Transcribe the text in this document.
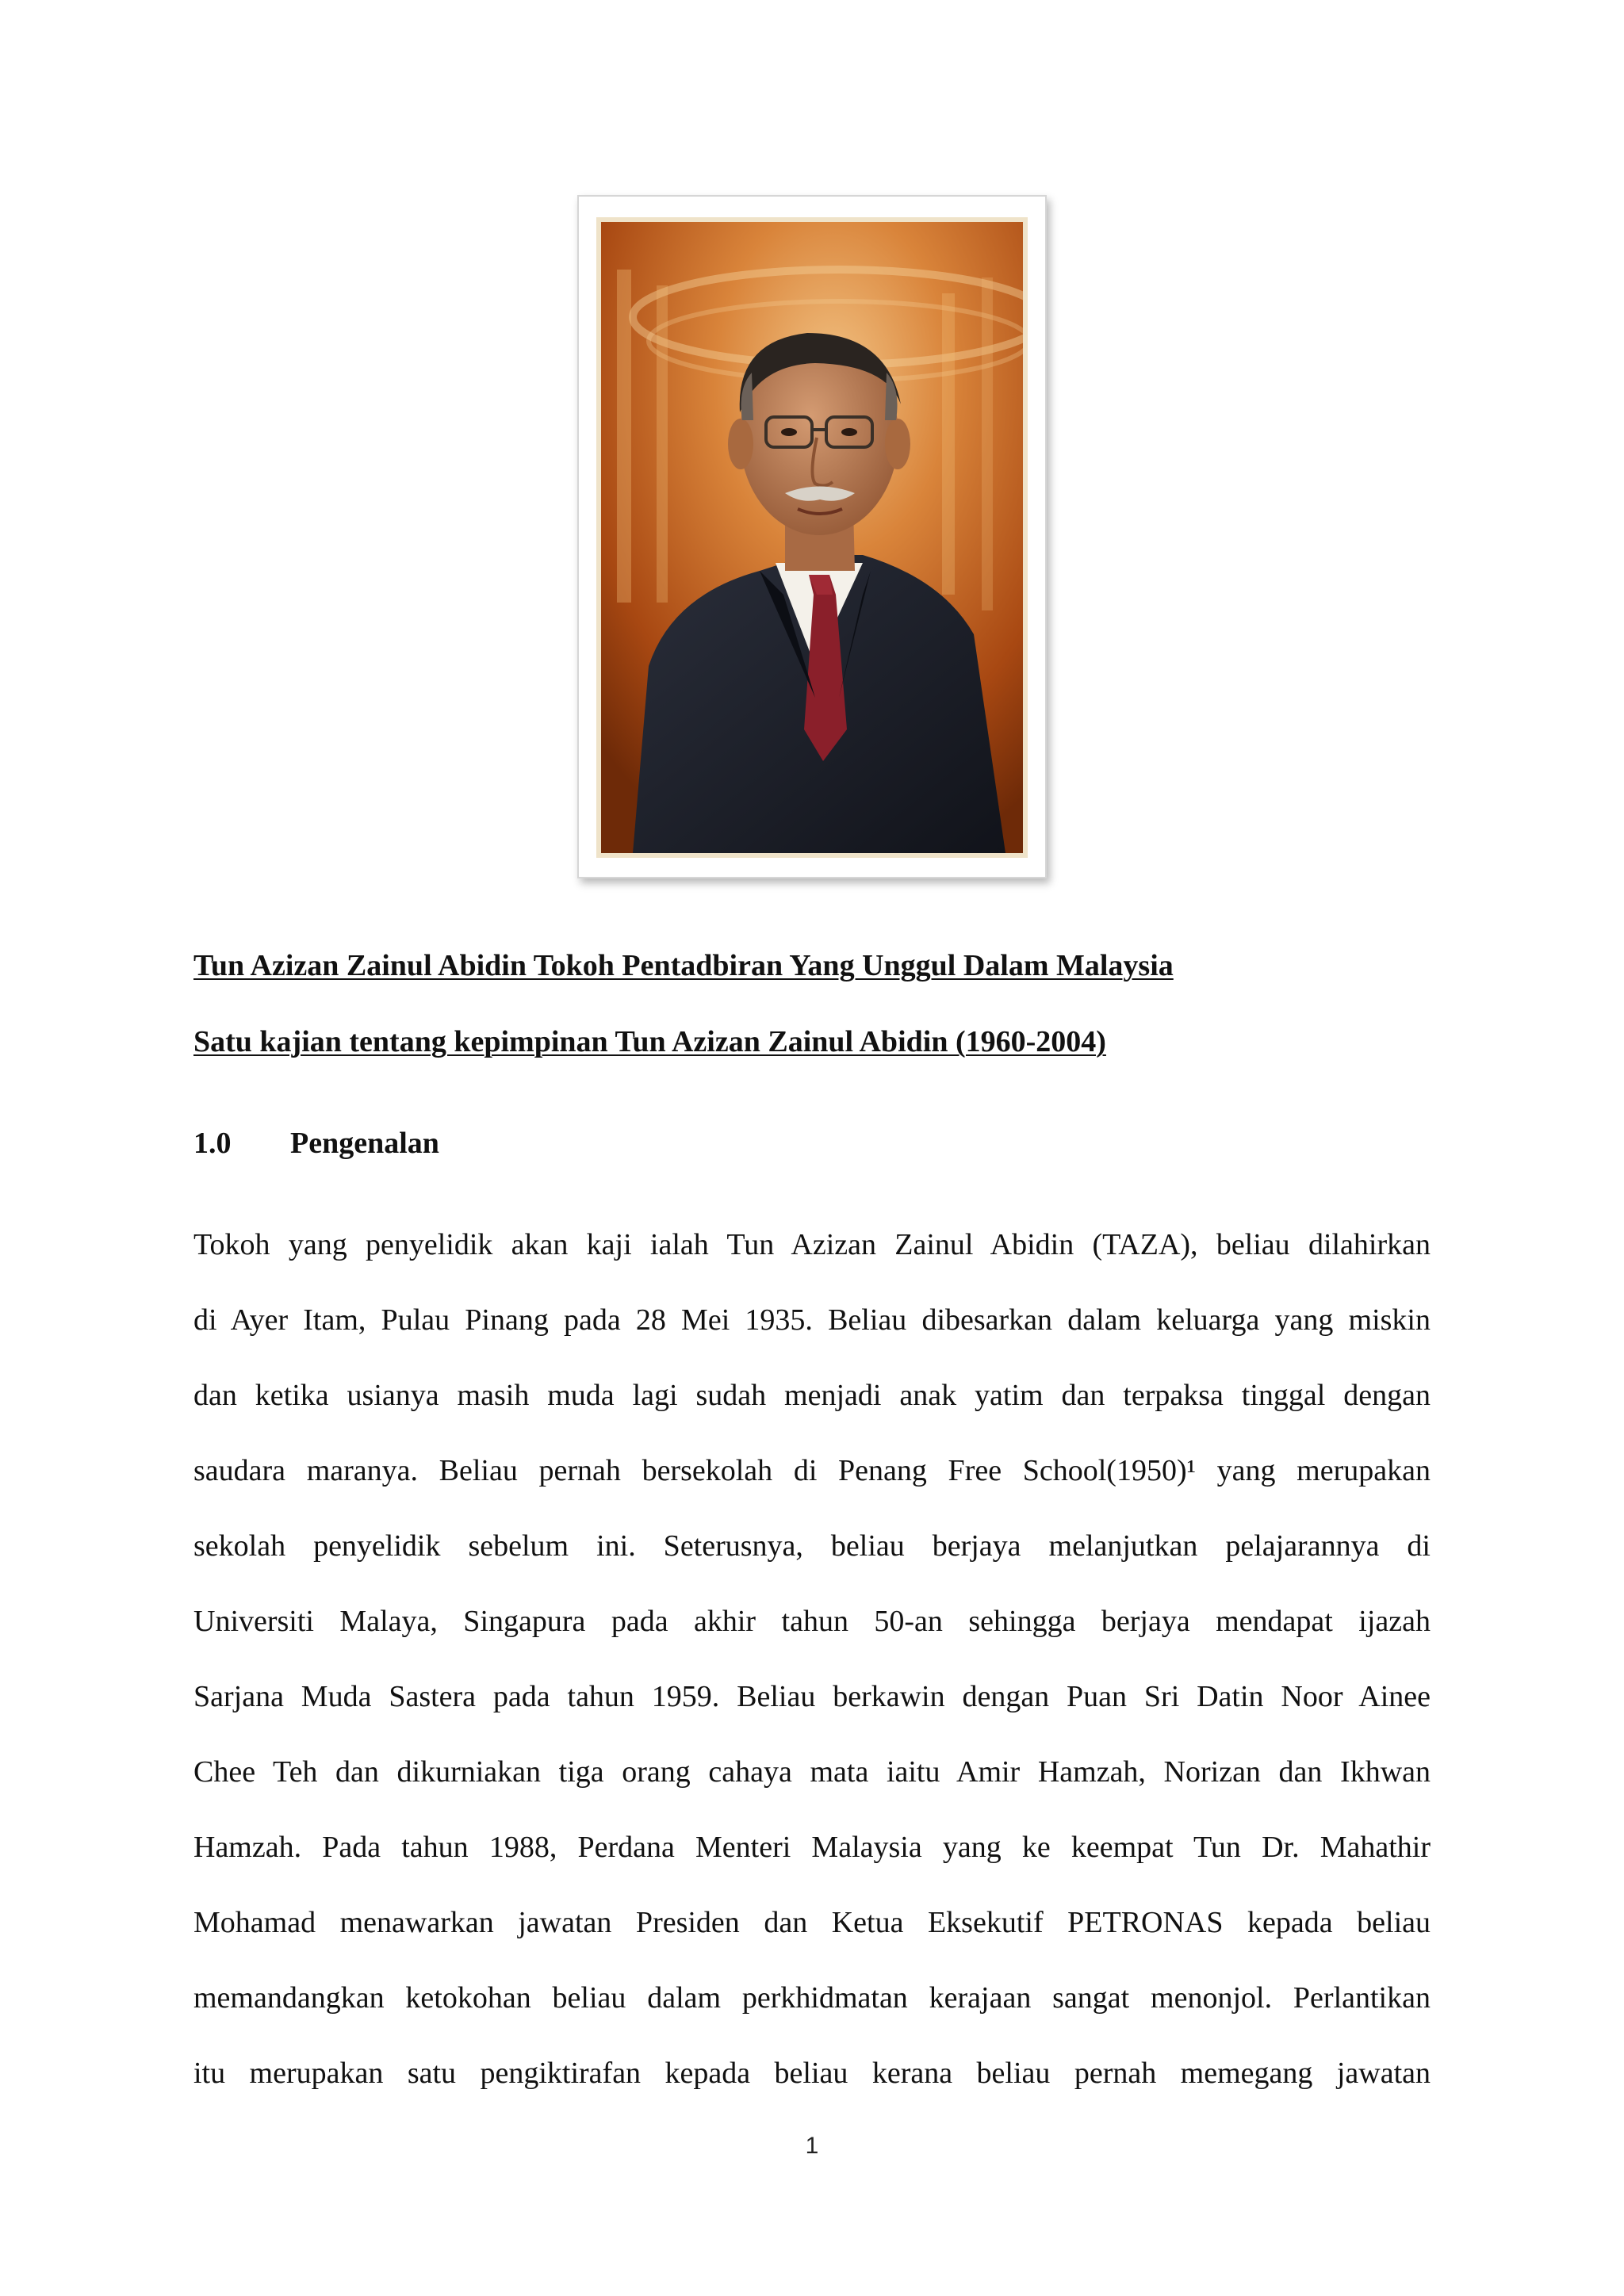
Tun Azizan Zainul Abidin Tokoh Pentadbiran Yang Unggul Dalam Malaysia
Satu kajian tentang kepimpinan Tun Azizan Zainul Abidin (1960-2004)
1.0 Pengenalan
Tokoh yang penyelidik akan kaji ialah Tun Azizan Zainul Abidin (TAZA), beliau dilahirkan
di Ayer Itam, Pulau Pinang pada 28 Mei 1935. Beliau dibesarkan dalam keluarga yang miskin
dan ketika usianya masih muda lagi sudah menjadi anak yatim dan terpaksa tinggal dengan
saudara maranya. Beliau pernah bersekolah di Penang Free School(1950)¹ yang merupakan
sekolah penyelidik sebelum ini. Seterusnya, beliau berjaya melanjutkan pelajarannya di
Universiti Malaya, Singapura pada akhir tahun 50-an sehingga berjaya mendapat ijazah
Sarjana Muda Sastera pada tahun 1959. Beliau berkawin dengan Puan Sri Datin Noor Ainee
Chee Teh dan dikurniakan tiga orang cahaya mata iaitu Amir Hamzah, Norizan dan Ikhwan
Hamzah. Pada tahun 1988, Perdana Menteri Malaysia yang ke keempat Tun Dr. Mahathir
Mohamad menawarkan jawatan Presiden dan Ketua Eksekutif PETRONAS kepada beliau
memandangkan ketokohan beliau dalam perkhidmatan kerajaan sangat menonjol. Perlantikan
itu merupakan satu pengiktirafan kepada beliau kerana beliau pernah memegang jawatan
1
